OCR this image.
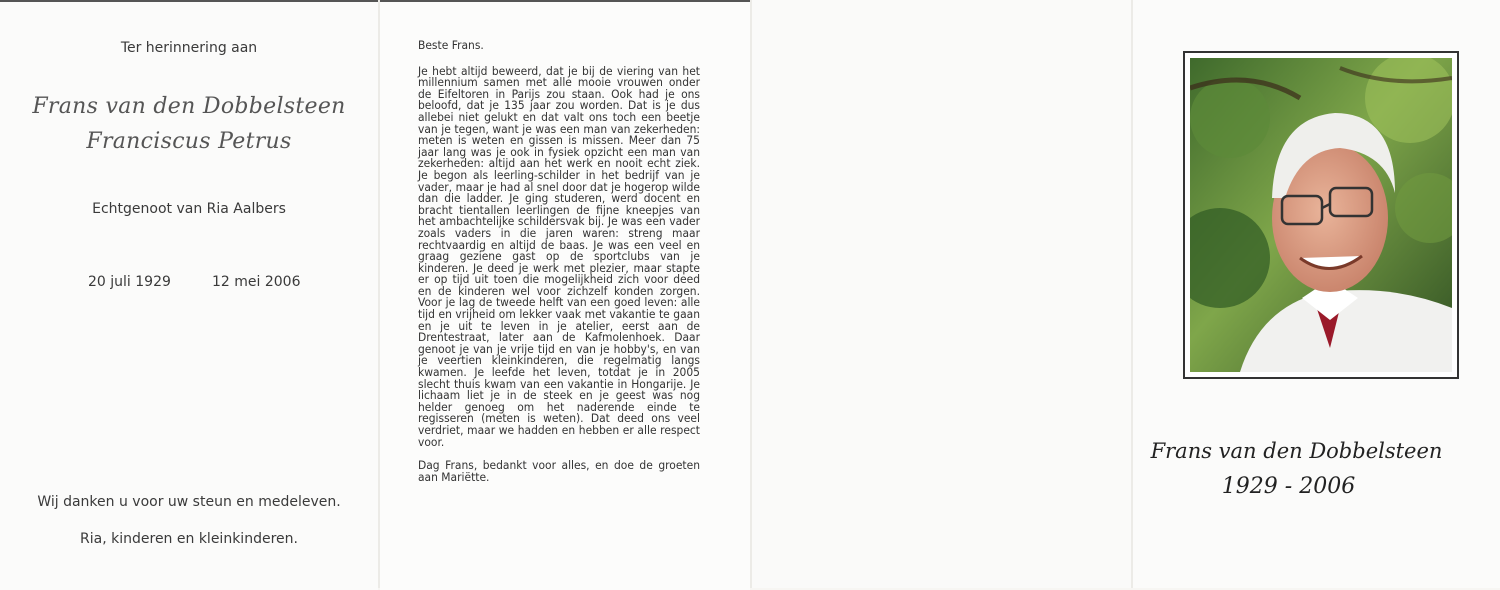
Ter herinnering aan
Frans van den Dobbelsteen
Franciscus Petrus
Echtgenoot van Ria Aalbers
20 juli 1929	12 mei 2006
Wij danken u voor uw steun en medeleven.
Ria, kinderen en kleinkinderen.

Beste Frans.

Je hebt altijd beweerd, dat je bij de viering van het millennium samen met alle mooie vrouwen onder de Eifeltoren in Parijs zou staan. Ook had je ons beloofd, dat je 135 jaar zou worden. Dat is je dus allebei niet gelukt en dat valt ons toch een beetje van je tegen, want je was een man van zekerheden: meten is weten en gissen is missen. Meer dan 75 jaar lang was je ook in fysiek opzicht een man van zekerheden: altijd aan het werk en nooit echt ziek. Je begon als leerling-schilder in het bedrijf van je vader, maar je had al snel door dat je hogerop wilde dan die ladder. Je ging studeren, werd docent en bracht tientallen leerlingen de fijne kneepjes van het ambachtelijke schildersvak bij. Je was een vader zoals vaders in die jaren waren: streng maar rechtvaardig en altijd de baas. Je was een veel en graag geziene gast op de sportclubs van je kinderen. Je deed je werk met plezier, maar stapte er op tijd uit toen die mogelijkheid zich voor deed en de kinderen wel voor zichzelf konden zorgen. Voor je lag de tweede helft van een goed leven: alle tijd en vrijheid om lekker vaak met vakantie te gaan en je uit te leven in je atelier, eerst aan de Drentestraat, later aan de Kafmolenhoek. Daar genoot je van je vrije tijd en van je hobby's, en van je veertien kleinkinderen, die regelmatig langs kwamen. Je leefde het leven, totdat je in 2005 slecht thuis kwam van een vakantie in Hongarije. Je lichaam liet je in de steek en je geest was nog helder genoeg om het naderende einde te regisseren (meten is weten). Dat deed ons veel verdriet, maar we hadden en hebben er alle respect voor.

Dag Frans, bedankt voor alles, en doe de groeten aan Mariëtte.

Frans van den Dobbelsteen
1929 - 2006
